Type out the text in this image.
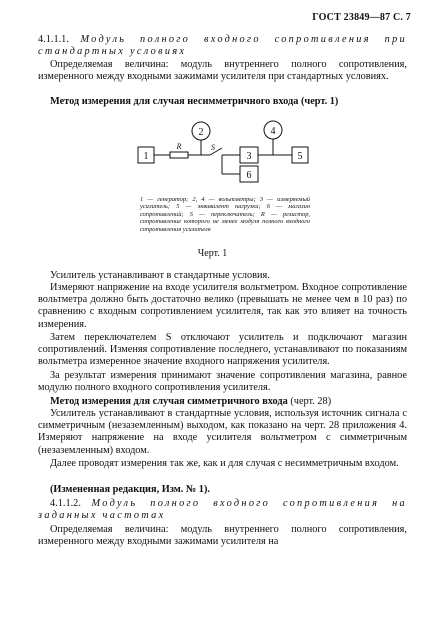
ГОСТ 23849—87 С. 7
4.1.1.1. Модуль полного входного сопротивления при стандартных условиях
Определяемая величина: модуль внутреннего полного сопротивления, измеренного между входными зажимами усилителя при стандартных условиях.
Метод измерения для случая несимметричного входа (черт. 1)
1
2
3
4
5
6
R	S
1 — генератор; 2, 4 — вольтметры; 3 — измеряемый усилитель; 5 — эквивалент нагрузки; 6 — магазин сопротивлений; S — переключатель; R — резистор, сопротивление которого не менее модуля полного входного сопротивления усилителя
Черт. 1
Усилитель устанавливают в стандартные условия.
Измеряют напряжение на входе усилителя вольтметром. Входное сопротивление вольтметра должно быть достаточно велико (превышать не менее чем в 10 раз) по сравнению с входным сопротивлением усилителя, так как это влияет на точность измерения.
Затем переключателем S отключают усилитель и подключают магазин сопротивлений. Изменяя сопротивление последнего, устанавливают по показаниям вольтметра измеренное значение входного напряжения усилителя.
За результат измерения принимают значение сопротивления магазина, равное модулю полного входного сопротивления усилителя.
Метод измерения для случая симметричного входа (черт. 28)
Усилитель устанавливают в стандартные условия, используя источник сигнала с симметричным (незаземленным) выходом, как показано на черт. 28 приложения 4. Измеряют напряжение на входе усилителя вольтметром с симметричным (незаземленным) входом.
Далее проводят измерения так же, как и для случая с несимметричным входом.
(Измененная редакция, Изм. № 1).
4.1.1.2. Модуль полного входного сопротивления на заданных частотах
Определяемая величина: модуль внутреннего полного сопротивления, измеренного между входными зажимами усилителя на
